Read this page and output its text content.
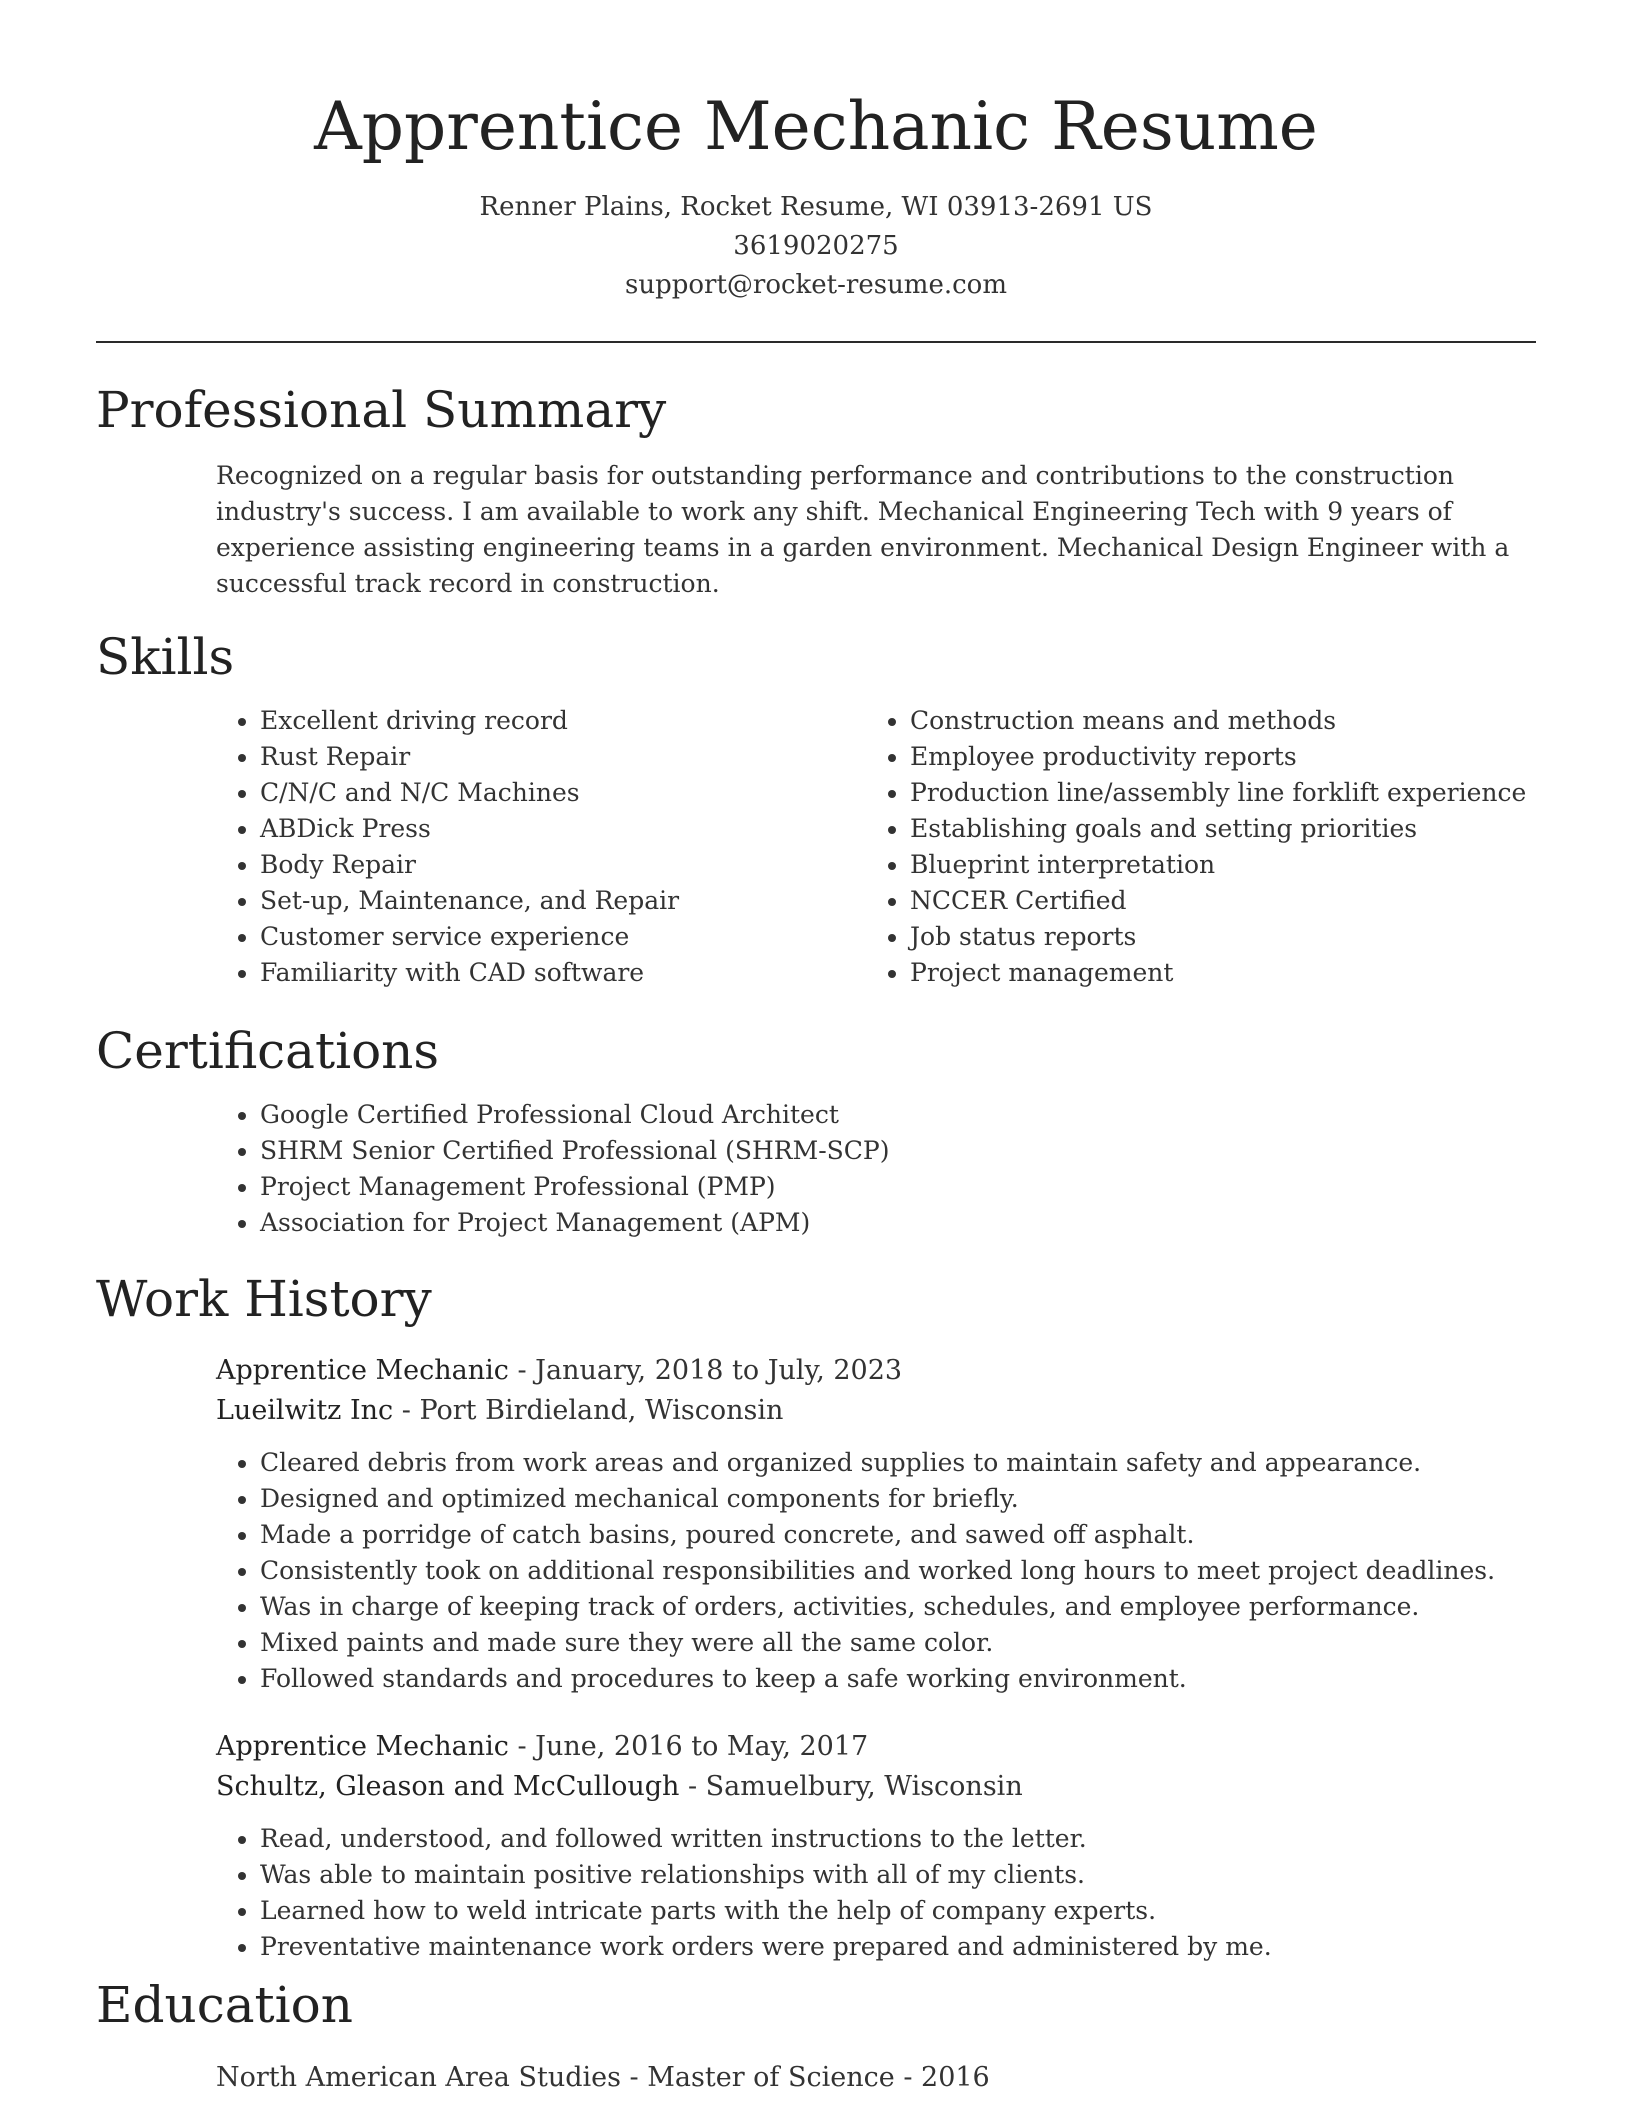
Apprentice Mechanic Resume
Renner Plains, Rocket Resume, WI 03913-2691 US
3619020275
support@rocket-resume.com
Professional Summary

Recognized on a regular basis for outstanding performance and contributions to the construction industry's success. I am available to work any shift. Mechanical Engineering Tech with 9 years of experience assisting engineering teams in a garden environment. Mechanical Design Engineer with a successful track record in construction.

Skills
• Excellent driving record
• Rust Repair
• C/N/C and N/C Machines
• ABDick Press
• Body Repair
• Set-up, Maintenance, and Repair
• Customer service experience
• Familiarity with CAD software
• Construction means and methods
• Employee productivity reports
• Production line/assembly line forklift experience
• Establishing goals and setting priorities
• Blueprint interpretation
• NCCER Certified
• Job status reports
• Project management
Certifications
• Google Certified Professional Cloud Architect
• SHRM Senior Certified Professional (SHRM-SCP)
• Project Management Professional (PMP)
• Association for Project Management (APM)
Work History
Apprentice Mechanic - January, 2018 to July, 2023
Lueilwitz Inc - Port Birdieland, Wisconsin
• Cleared debris from work areas and organized supplies to maintain safety and appearance.
• Designed and optimized mechanical components for briefly.
• Made a porridge of catch basins, poured concrete, and sawed off asphalt.
• Consistently took on additional responsibilities and worked long hours to meet project deadlines.
• Was in charge of keeping track of orders, activities, schedules, and employee performance.
• Mixed paints and made sure they were all the same color.
• Followed standards and procedures to keep a safe working environment.
Apprentice Mechanic - June, 2016 to May, 2017
Schultz, Gleason and McCullough - Samuelbury, Wisconsin
• Read, understood, and followed written instructions to the letter.
• Was able to maintain positive relationships with all of my clients.
• Learned how to weld intricate parts with the help of company experts.
• Preventative maintenance work orders were prepared and administered by me.
Education
North American Area Studies - Master of Science - 2016
